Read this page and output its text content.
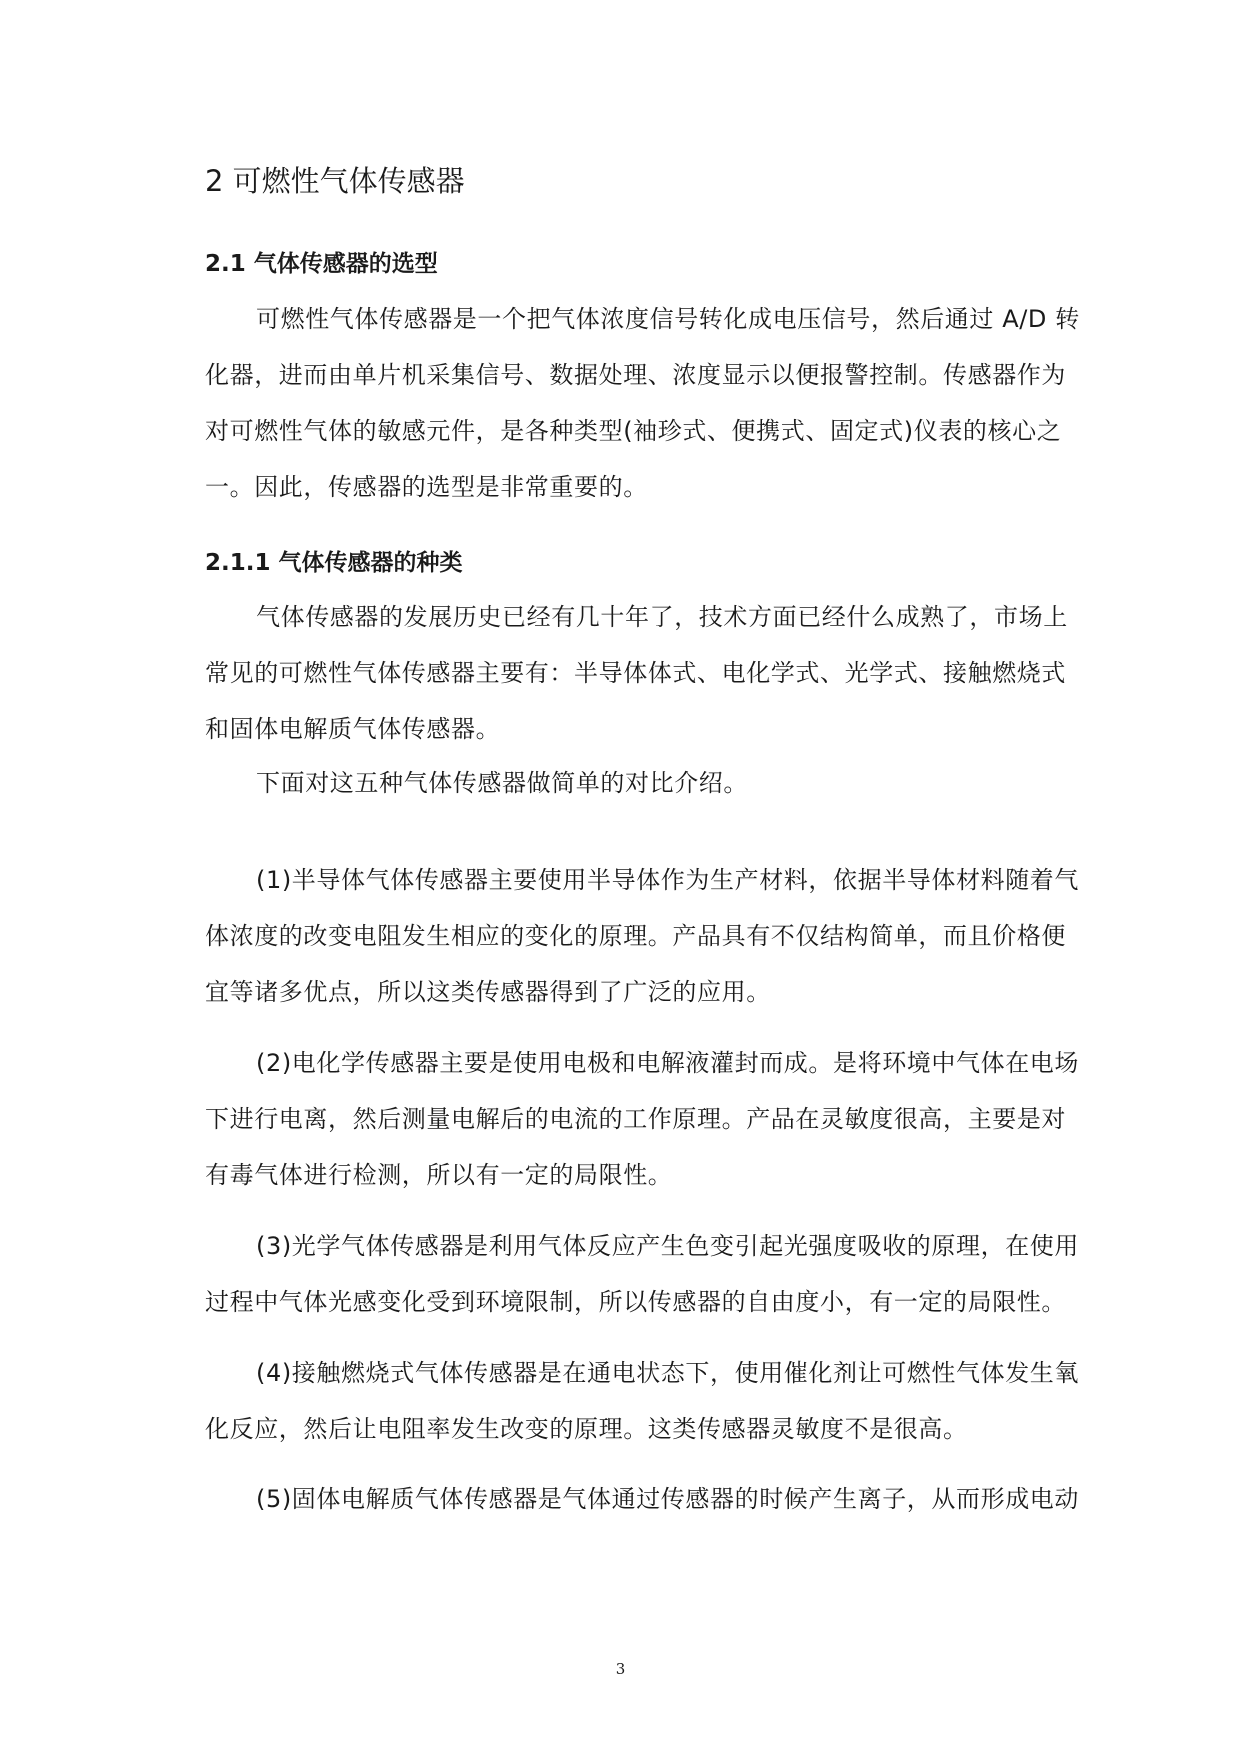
2 可燃性气体传感器
2.1 气体传感器的选型
可燃性气体传感器是一个把气体浓度信号转化成电压信号，然后通过 A/D 转
化器，进而由单片机采集信号、数据处理、浓度显示以便报警控制。传感器作为
对可燃性气体的敏感元件，是各种类型(袖珍式、便携式、固定式)仪表的核心之
一。因此，传感器的选型是非常重要的。
2.1.1 气体传感器的种类
气体传感器的发展历史已经有几十年了，技术方面已经什么成熟了，市场上
常见的可燃性气体传感器主要有：半导体体式、电化学式、光学式、接触燃烧式
和固体电解质气体传感器。
下面对这五种气体传感器做简单的对比介绍。
(1)半导体气体传感器主要使用半导体作为生产材料，依据半导体材料随着气
体浓度的改变电阻发生相应的变化的原理。产品具有不仅结构简单，而且价格便
宜等诸多优点，所以这类传感器得到了广泛的应用。
(2)电化学传感器主要是使用电极和电解液灌封而成。是将环境中气体在电场
下进行电离，然后测量电解后的电流的工作原理。产品在灵敏度很高，主要是对
有毒气体进行检测，所以有一定的局限性。
(3)光学气体传感器是利用气体反应产生色变引起光强度吸收的原理，在使用
过程中气体光感变化受到环境限制，所以传感器的自由度小，有一定的局限性。
(4)接触燃烧式气体传感器是在通电状态下，使用催化剂让可燃性气体发生氧
化反应，然后让电阻率发生改变的原理。这类传感器灵敏度不是很高。
(5)固体电解质气体传感器是气体通过传感器的时候产生离子，从而形成电动
3
